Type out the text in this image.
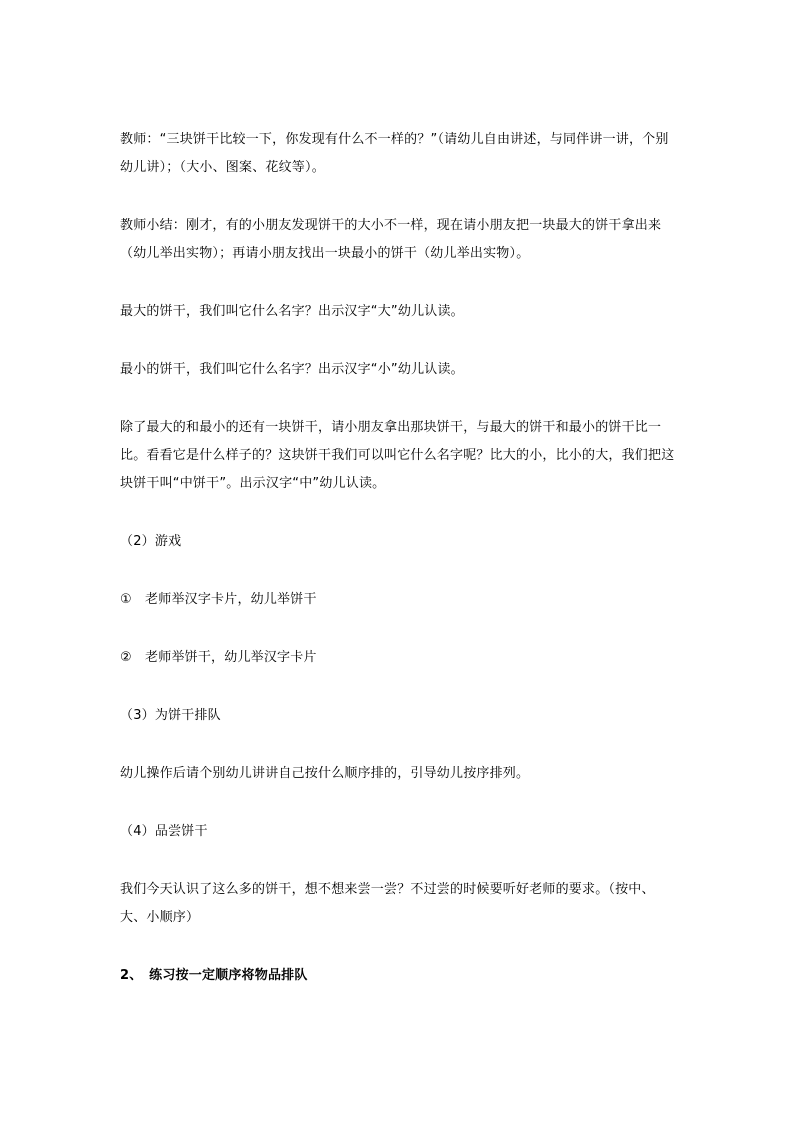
教师：“三块饼干比较一下，你发现有什么不一样的？”（请幼儿自由讲述，与同伴讲一讲，个别幼儿讲）；（大小、图案、花纹等）。

教师小结：刚才，有的小朋友发现饼干的大小不一样，现在请小朋友把一块最大的饼干拿出来（幼儿举出实物）；再请小朋友找出一块最小的饼干（幼儿举出实物）。

最大的饼干，我们叫它什么名字？出示汉字“大”幼儿认读。

最小的饼干，我们叫它什么名字？出示汉字“小”幼儿认读。

除了最大的和最小的还有一块饼干，请小朋友拿出那块饼干，与最大的饼干和最小的饼干比一比。看看它是什么样子的？这块饼干我们可以叫它什么名字呢？比大的小，比小的大，我们把这块饼干叫“中饼干”。出示汉字“中”幼儿认读。

（2）游戏

①　老师举汉字卡片，幼儿举饼干

②　老师举饼干，幼儿举汉字卡片

（3）为饼干排队

幼儿操作后请个别幼儿讲讲自己按什么顺序排的，引导幼儿按序排列。

（4）品尝饼干

我们今天认识了这么多的饼干，想不想来尝一尝？不过尝的时候要听好老师的要求。（按中、大、小顺序）

2、　练习按一定顺序将物品排队
